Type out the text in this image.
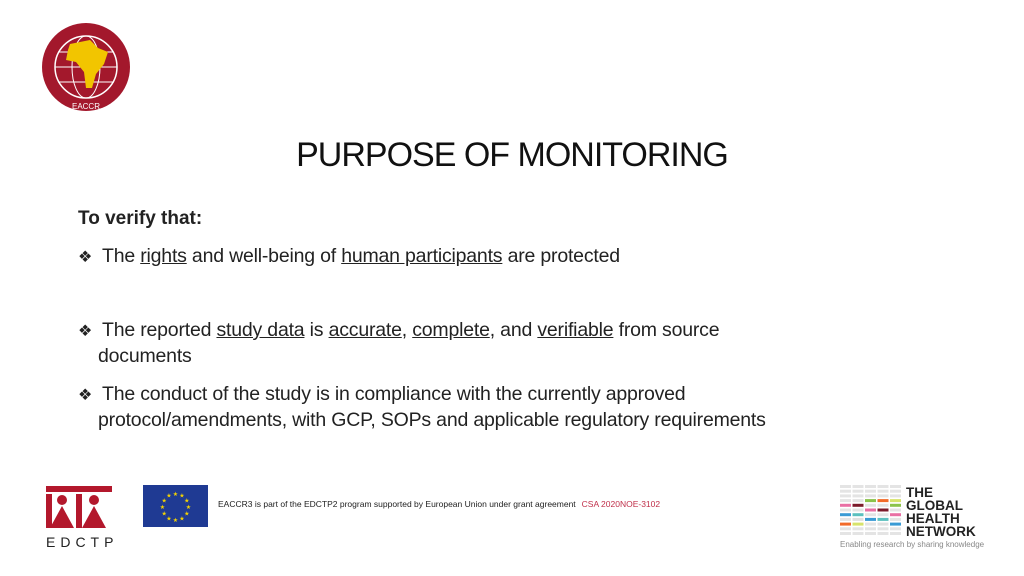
EACCR
PURPOSE OF MONITORING
To verify that:
❖ The rights and well-being of human participants are protected
❖ The reported study data is accurate, complete, and verifiable from source
documents
❖ The conduct of the study is in compliance with the currently approved
protocol/amendments, with GCP, SOPs and applicable regulatory requirements
EDCTP
★ ★
★
★
★
★
★
★
★
★
★
★
EACCR3 is part of the EDCTP2 program supported by European Union under grant agreement CSA 2020NOE-3102
THE
GLOBAL
HEALTH
NETWORK
Enabling research by sharing knowledge
